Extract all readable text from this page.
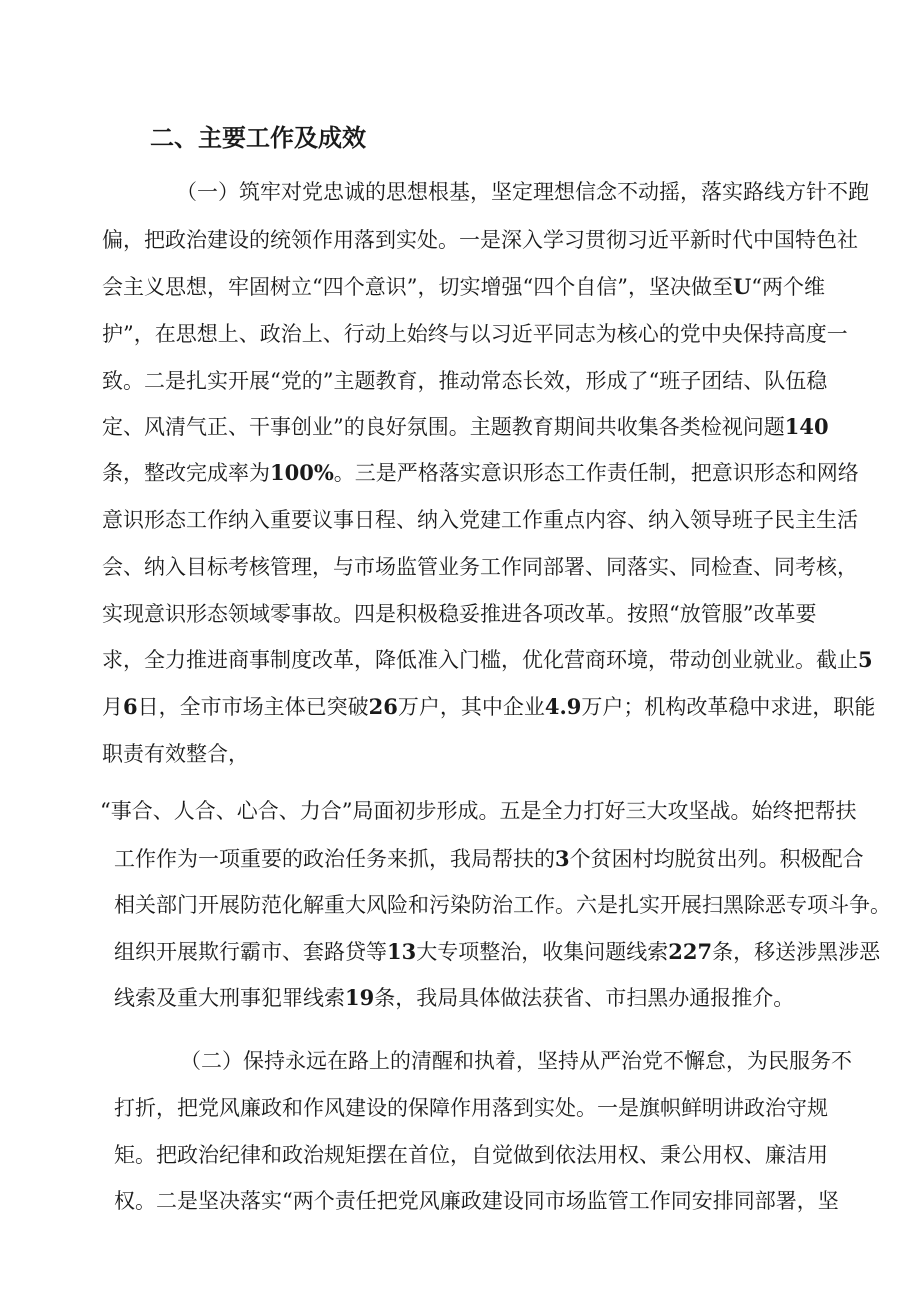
二、主要工作及成效
（一）筑牢对党忠诚的思想根基，坚定理想信念不动摇，落实路线方针不跑
偏，把政治建设的统领作用落到实处。一是深入学习贯彻习近平新时代中国特色社
会主义思想，牢固树立“四个意识”，切实增强“四个自信”，坚决做至U“两个维
护”，在思想上、政治上、行动上始终与以习近平同志为核心的党中央保持高度一
致。二是扎实开展“党的”主题教育，推动常态长效，形成了“班子团结、队伍稳
定、风清气正、干事创业”的良好氛围。主题教育期间共收集各类检视问题140
条，整改完成率为100%。三是严格落实意识形态工作责任制，把意识形态和网络
意识形态工作纳入重要议事日程、纳入党建工作重点内容、纳入领导班子民主生活
会、纳入目标考核管理，与市场监管业务工作同部署、同落实、同检查、同考核，
实现意识形态领域零事故。四是积极稳妥推进各项改革。按照“放管服”改革要
求，全力推进商事制度改革，降低准入门槛，优化营商环境，带动创业就业。截止5
月6日，全市市场主体已突破26万户，其中企业4.9万户；机构改革稳中求进，职能
职责有效整合，
“事合、人合、心合、力合”局面初步形成。五是全力打好三大攻坚战。始终把帮扶
工作作为一项重要的政治任务来抓，我局帮扶的3个贫困村均脱贫出列。积极配合
相关部门开展防范化解重大风险和污染防治工作。六是扎实开展扫黑除恶专项斗争。
组织开展欺行霸市、套路贷等13大专项整治，收集问题线索227条，移送涉黑涉恶
线索及重大刑事犯罪线索19条，我局具体做法获省、市扫黑办通报推介。
（二）保持永远在路上的清醒和执着，坚持从严治党不懈怠，为民服务不
打折，把党风廉政和作风建设的保障作用落到实处。一是旗帜鲜明讲政治守规
矩。把政治纪律和政治规矩摆在首位，自觉做到依法用权、秉公用权、廉洁用
权。二是坚决落实“两个责任把党风廉政建设同市场监管工作同安排同部署，坚
